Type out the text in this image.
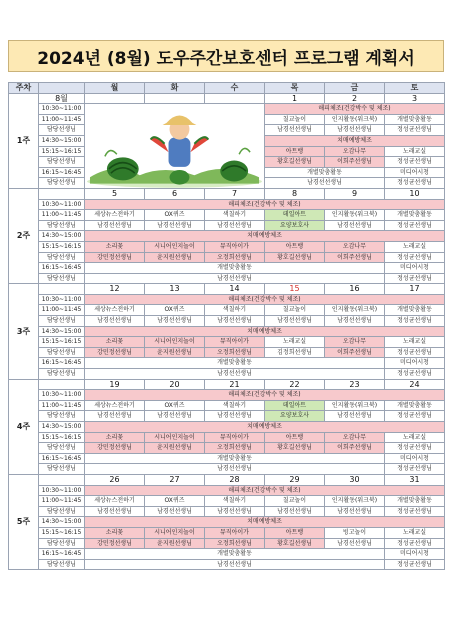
2024년 (8월) 도우주간보호센터 프로그램 계획서
주차		월	화	수	목	금	토
1주	8월				1	2	3
	10:30~11:00				해피체조(건강박수 및 체조)		
	11:00~11:45				칠교놀이	인지활동(워크북)	개별맞춤활동
	담당선생님				남경선선생님	남경선선생님	정성균선생님
	14:30~15:00				치매예방체조		
	15:15~16:15				아트뱅	오감나무	노래교실
	담당선생님				황호길선생님	이희주선생님	정성균선생님
	16:15~16:45				개별맞춤활동		미디어시청
	담당선생님				남경선선생님		정성균선생님
2주		5	6	7	8	9	10
	10:30~11:00	해피체조(건강박수 및 체조)					
	11:00~11:45	세상뉴스전하기	OX퀴즈	색칠하기	데일아트	인지활동(워크북)	개별맞춤활동
	담당선생님	남경선선생님	남경선선생님	남경선선생님	요양보호사	남경선선생님	정성균선생님
	14:30~15:00	치매예방체조					
	15:15~16:15	소리꽃	시니어인지놀이	뮤직아이가	아트뱅	오감나무	노래교실
	담당선생님	강민정선생님	윤지원선생님	오정희선생님	황호길선생님	이희주선생님	정성균선생님
	16:15~16:45	개별맞춤활동					미디어시청
	담당선생님	남경선선생님					정성균선생님
3주		12	13	14	15	16	17
	10:30~11:00	해피체조(건강박수 및 체조)					
	11:00~11:45	세상뉴스전하기	OX퀴즈	색칠하기	칠교놀이	인지활동(워크북)	개별맞춤활동
	담당선생님	남경선선생님	남경선선생님	남경선선생님	남경선선생님	남경선선생님	정성균선생님
	14:30~15:00	치매예방체조					
	15:15~16:15	소리꽃	시니어인지놀이	뮤직아이가	노래교실	오감나무	노래교실
	담당선생님	강민정선생님	윤지원선생님	오정희선생님	김정희선생님	이희주선생님	정성균선생님
	16:15~16:45	개별맞춤활동					미디어시청
	담당선생님	남경선선생님					정성균선생님
4주		19	20	21	22	23	24
	10:30~11:00	해피체조(건강박수 및 체조)					
	11:00~11:45	세상뉴스전하기	OX퀴즈	색칠하기	데일아트	인지활동(워크북)	개별맞춤활동
	담당선생님	남경선선생님	남경선선생님	남경선선생님	요양보호사	남경선선생님	정성균선생님
	14:30~15:00	치매예방체조					
	15:15~16:15	소리꽃	시니어인지놀이	뮤직아이가	아트뱅	오감나무	노래교실
	담당선생님	강민정선생님	윤지원선생님	오정희선생님	황호길선생님	이희주선생님	정성균선생님
	16:15~16:45	개별맞춤활동					미디어시청
	담당선생님	남경선선생님					정성균선생님
5주		26	27	28	29	30	31
	10:30~11:00	해피체조(건강박수 및 체조)					
	11:00~11:45	세상뉴스전하기	OX퀴즈	색칠하기	칠교놀이	인지활동(워크북)	개별맞춤활동
	담당선생님	남경선선생님	남경선선생님	남경선선생님	남경선선생님	남경선선생님	정성균선생님
	14:30~15:00	치매예방체조					
	15:15~16:15	소리꽃	시니어인지놀이	뮤직아이가	아트뱅	빙고놀이	노래교실
	담당선생님	강민정선생님	윤지원선생님	오정희선생님	황호길선생님	남경선선생님	정성균선생님
	16:15~16:45	개별맞춤활동					미디어시청
	담당선생님	남경선선생님					정성균선생님
